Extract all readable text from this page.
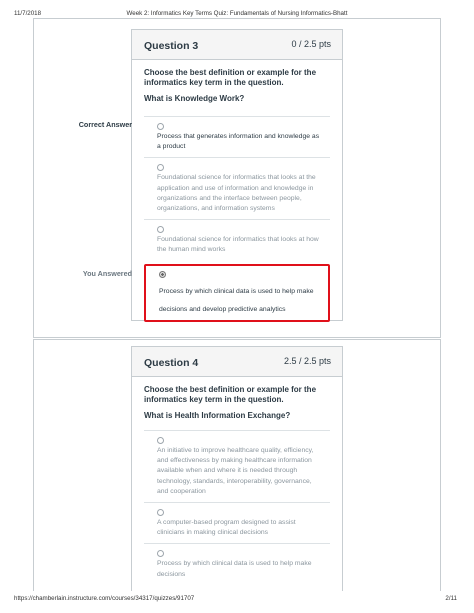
11/7/2018	Week 2: Informatics Key Terms Quiz: Fundamentals of Nursing Informatics-Bhatt
Question 3	0 / 2.5 pts
Choose the best definition or example for the informatics key term in the question.
What is Knowledge Work?
Process that generates information and knowledge as a product
Foundational science for informatics that looks at the application and use of information and knowledge in organizations and the interface between people, organizations, and information systems
Foundational science for informatics that looks at how the human mind works
Process by which clinical data is used to help make decisions and develop predictive analytics
Correct Answer
You Answered
Question 4	2.5 / 2.5 pts
Choose the best definition or example for the informatics key term in the question.
What is Health Information Exchange?
An initiative to improve healthcare quality, efficiency, and effectiveness by making healthcare information available when and where it is needed through technology, standards, interoperability, governance, and cooperation
A computer-based program designed to assist clinicians in making clinical decisions
Process by which clinical data is used to help make decisions
https://chamberlain.instructure.com/courses/34317/quizzes/91707	2/11
